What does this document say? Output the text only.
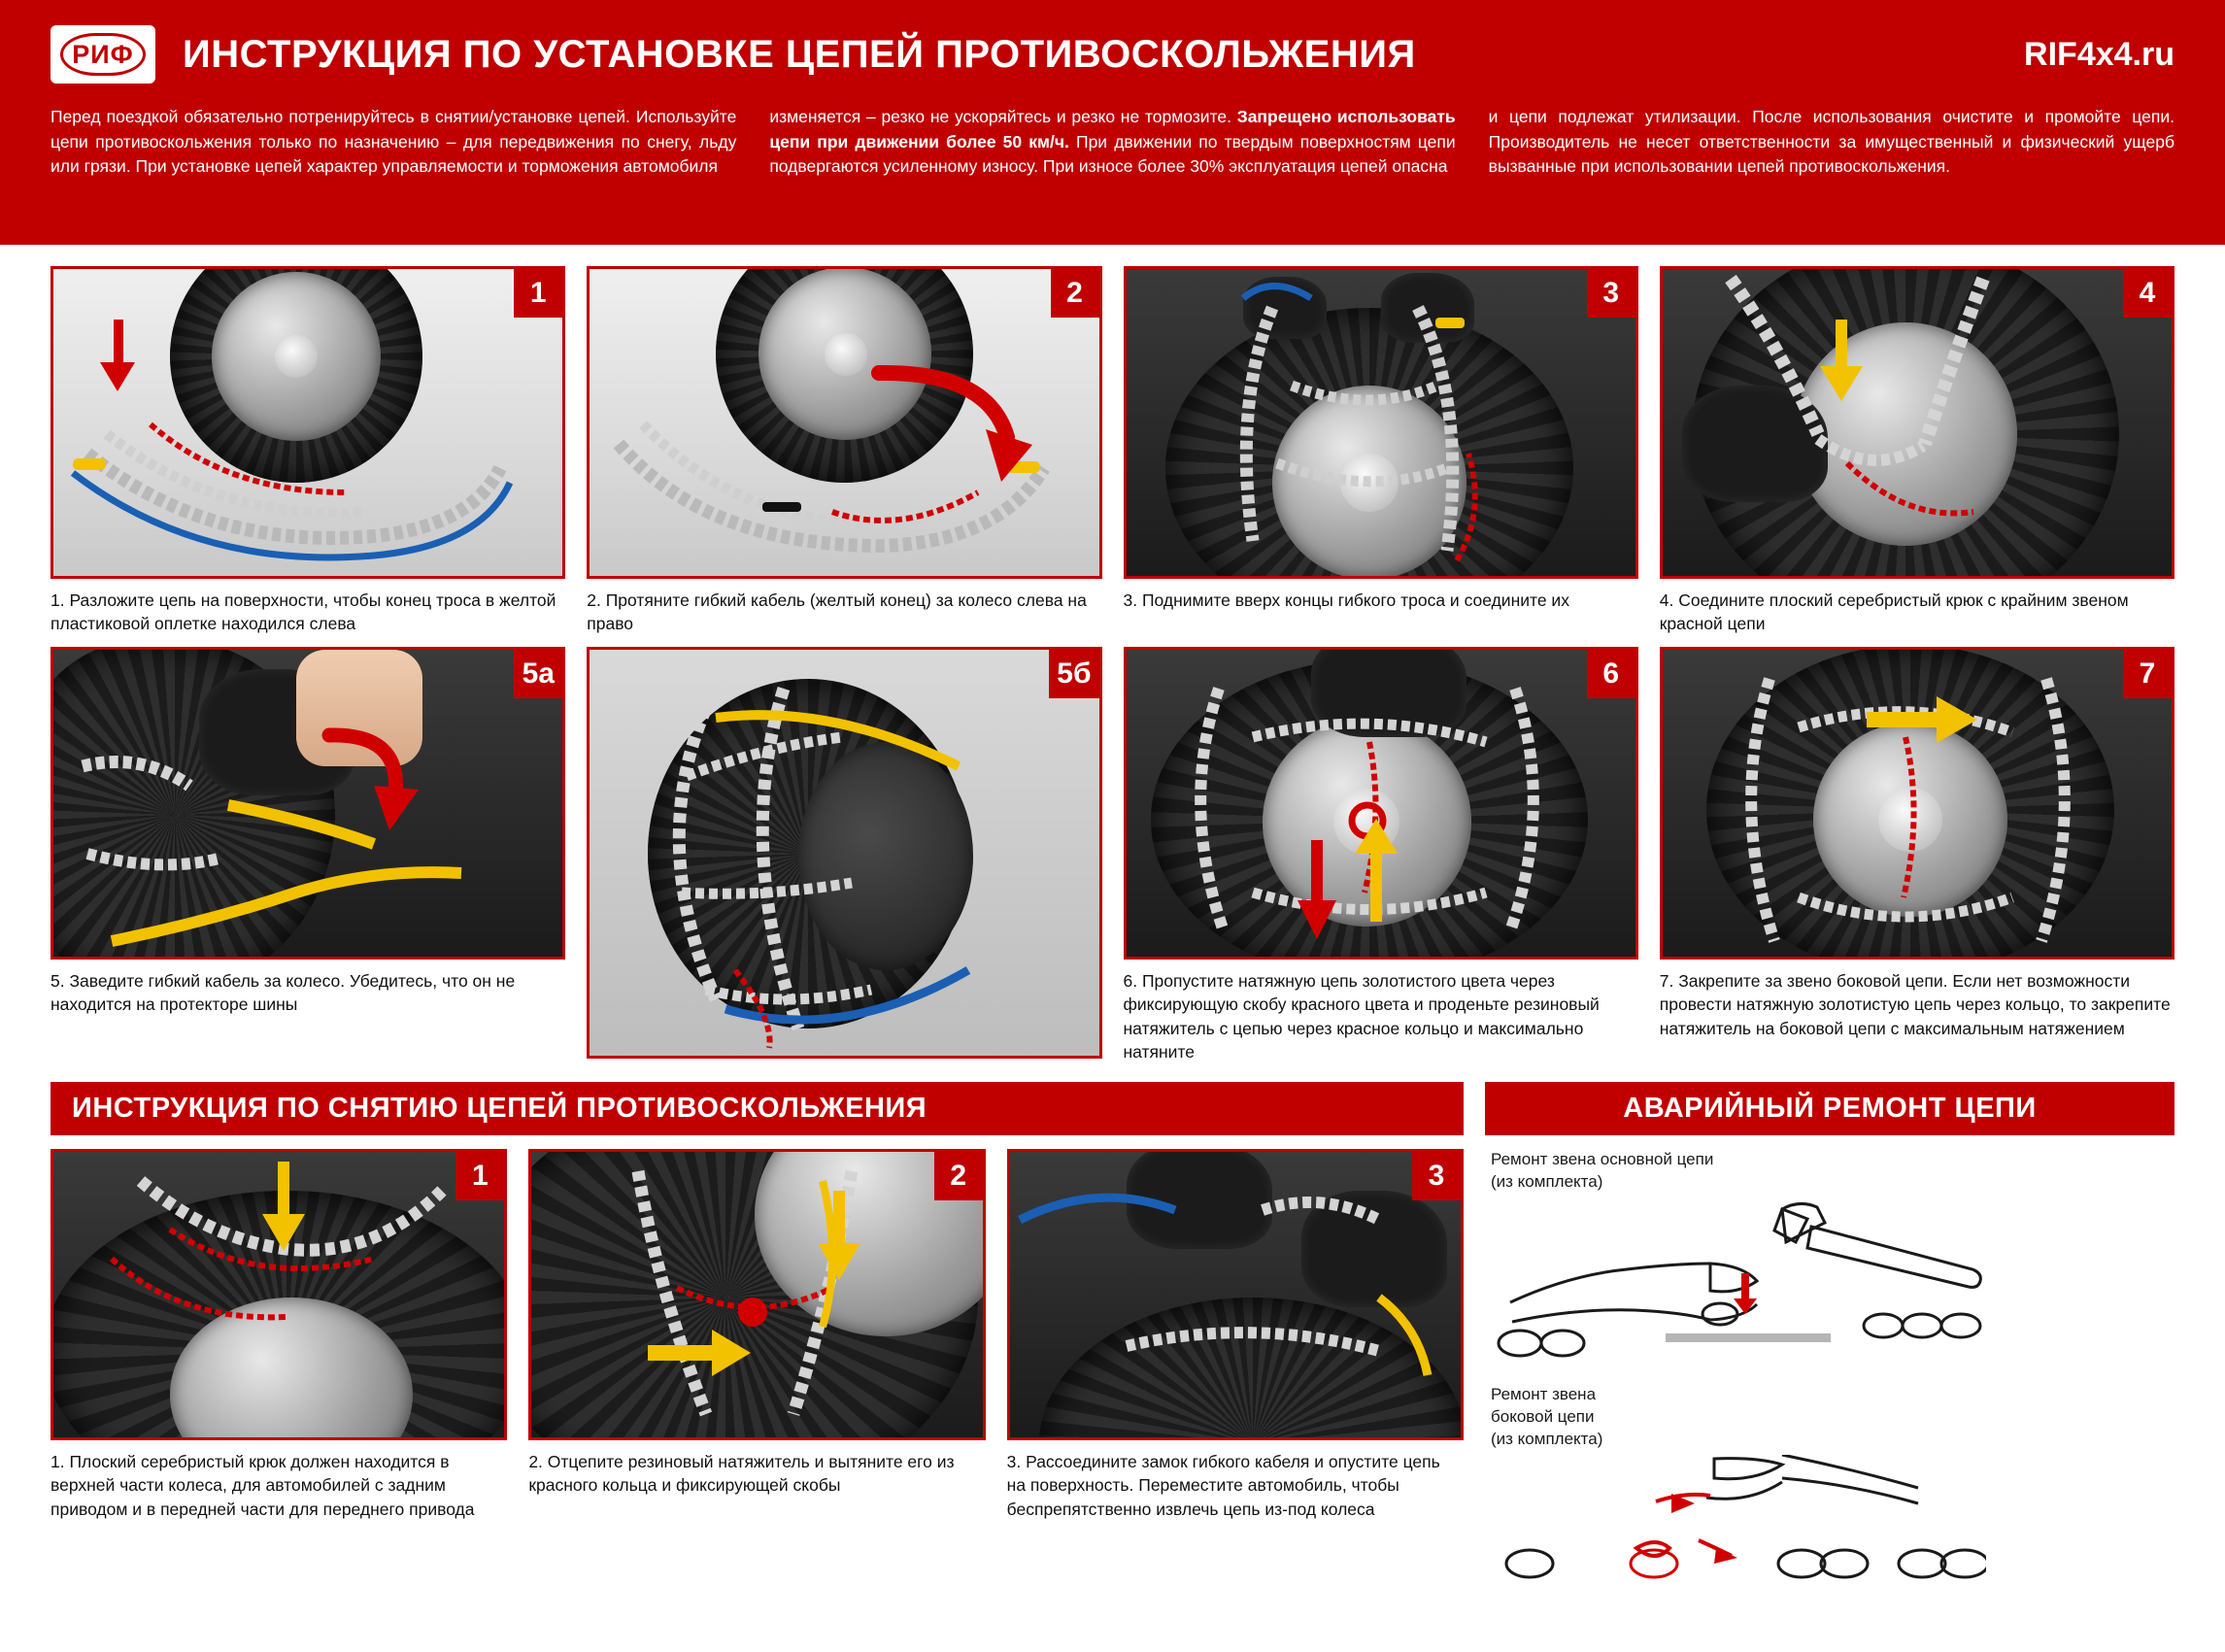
РИФ	ИНСТРУКЦИЯ ПО УСТАНОВКЕ ЦЕПЕЙ ПРОТИВОСКОЛЬЖЕНИЯ	RIF4x4.ru
Перед поездкой обязательно потренируйтесь в снятии/установке цепей. Используйте цепи противоскольжения только по назначению – для передвижения по снегу, льду или грязи. При установке цепей характер управляемости и торможения автомобиля
изменяется – резко не ускоряйтесь и резко не тормозите. Запрещено использовать цепи при движении более 50 км/ч. При движении по твердым поверхностям цепи подвергаются усиленному износу. При износе более 30% эксплуатация цепей опасна
и цепи подлежат утилизации. После использования очистите и промойте цепи. Производитель не несет ответственности за имущественный и физический ущерб вызванные при использовании цепей противоскольжения.
1
1. Разложите цепь на поверхности, чтобы конец троса в желтой пластиковой оплетке находился слева
2
2. Протяните гибкий кабель (желтый конец) за колесо слева на право
3
3. Поднимите вверх концы гибкого троса и соедините их
4
4. Соедините плоский серебристый крюк с крайним звеном красной цепи
5а
5. Заведите гибкий кабель за колесо. Убедитесь, что он не находится на протекторе шины
5б	6
6. Пропустите натяжную цепь золотистого цвета через фиксирующую скобу красного цвета и проденьте резиновый натяжитель с цепью через красное кольцо и максимально натяните
7
7. Закрепите за звено боковой цепи. Если нет возможности провести натяжную золотистую цепь через кольцо, то закрепите натяжитель на боковой цепи с максимальным натяжением
ИНСТРУКЦИЯ ПО СНЯТИЮ ЦЕПЕЙ ПРОТИВОСКОЛЬЖЕНИЯ	АВАРИЙНЫЙ РЕМОНТ ЦЕПИ
1
1. Плоский серебристый крюк должен находится в верхней части колеса, для автомобилей с задним приводом и в передней части для переднего привода
2
2. Отцепите резиновый натяжитель и вытяните его из красного кольца и фиксирующей скобы
3
3. Рассоедините замок гибкого кабеля и опустите цепь на поверхность. Переместите автомобиль, чтобы беспрепятственно извлечь цепь из-под колеса
Ремонт звена основной цепи
(из комплекта)
Ремонт звена
боковой цепи
(из комплекта)
